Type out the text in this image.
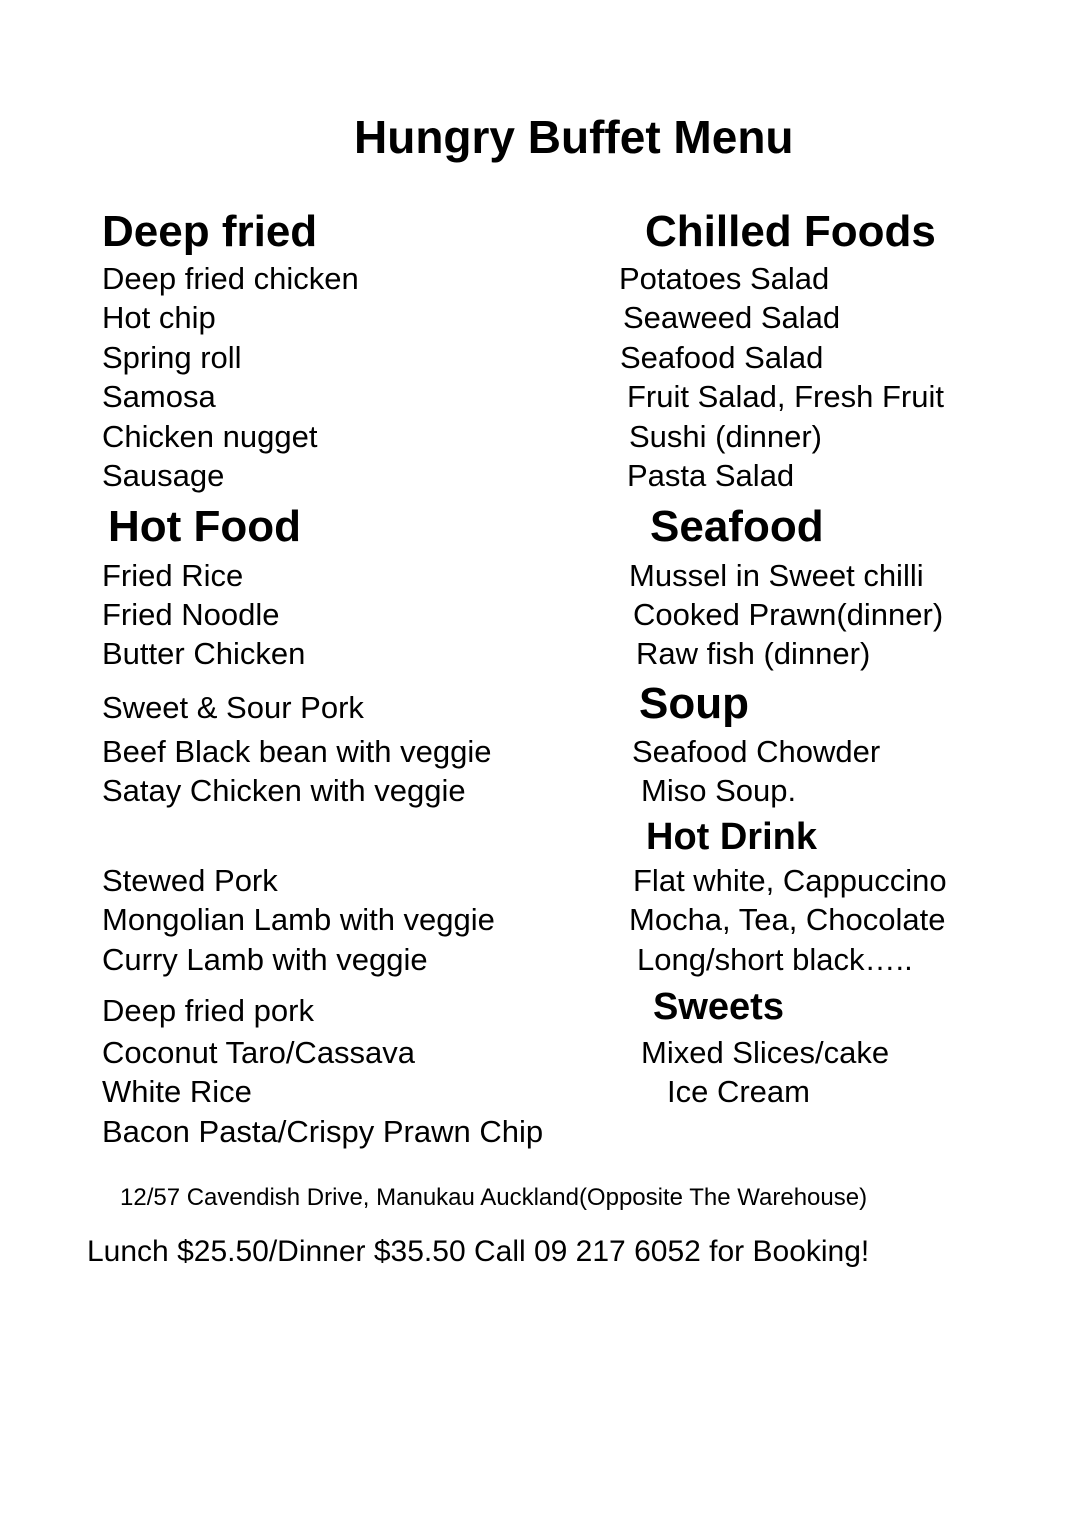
Hungry Buffet Menu
Deep fried
Deep fried chicken
Hot chip
Spring roll
Samosa
Chicken nugget
Sausage
Hot Food
Fried Rice
Fried Noodle
Butter Chicken
Sweet & Sour Pork
Beef Black bean with veggie
Satay Chicken with veggie
Stewed Pork
Mongolian Lamb with veggie
Curry Lamb with veggie
Deep fried pork
Coconut Taro/Cassava
White Rice
Bacon Pasta/Crispy Prawn Chip
Chilled Foods
Potatoes Salad
Seaweed Salad
Seafood Salad
Fruit Salad, Fresh Fruit
Sushi (dinner)
Pasta Salad
Seafood
Mussel in Sweet chilli
Cooked Prawn(dinner)
Raw fish (dinner)
Soup
Seafood Chowder
Miso Soup.
Hot Drink
Flat white, Cappuccino
Mocha, Tea, Chocolate
Long/short black…..
Sweets
Mixed Slices/cake
Ice Cream
12/57 Cavendish Drive, Manukau Auckland(Opposite The Warehouse)
Lunch $25.50/Dinner $35.50 Call 09 217 6052 for Booking!
